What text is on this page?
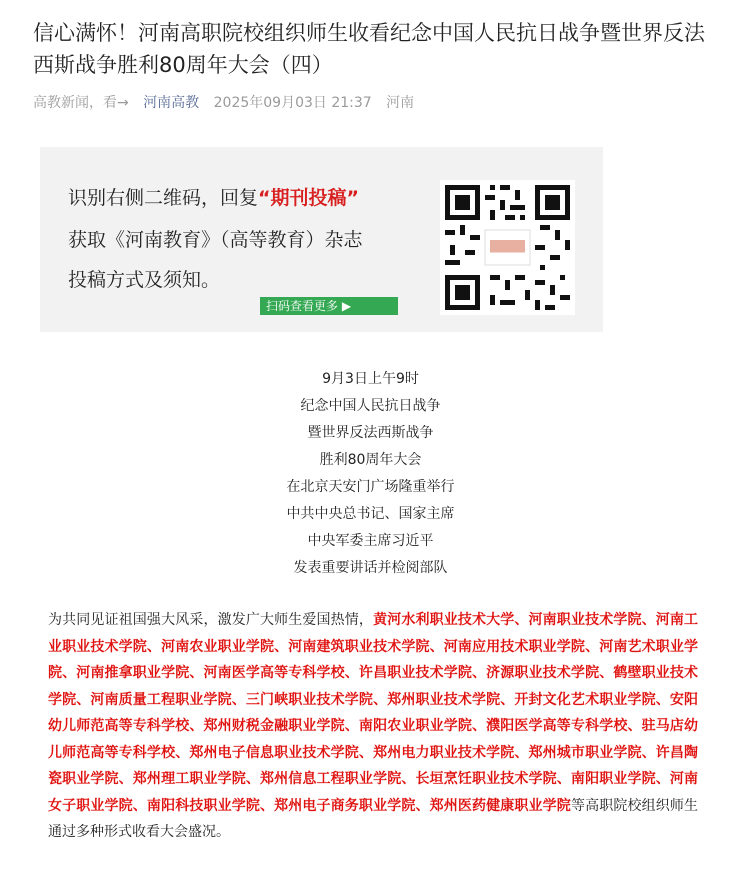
信心满怀！河南高职院校组织师生收看纪念中国人民抗日战争暨世界反法西斯战争胜利80周年大会（四）
高教新闻，看→ 河南高教 2025年09月03日 21:37 河南
识别右侧二维码，回复“期刊投稿”
获取《河南教育》（高等教育）杂志
投稿方式及须知。
扫码查看更多 ▶
9月3日上午9时
纪念中国人民抗日战争
暨世界反法西斯战争
胜利80周年大会
在北京天安门广场隆重举行
中共中央总书记、国家主席
中央军委主席习近平
发表重要讲话并检阅部队
为共同见证祖国强大风采，激发广大师生爱国热情，黄河水利职业技术大学、河南职业技术学院、河南工业职业技术学院、河南农业职业学院、河南建筑职业技术学院、河南应用技术职业学院、河南艺术职业学院、河南推拿职业学院、河南医学高等专科学校、许昌职业技术学院、济源职业技术学院、鹤壁职业技术学院、河南质量工程职业学院、三门峡职业技术学院、郑州职业技术学院、开封文化艺术职业学院、安阳幼儿师范高等专科学校、郑州财税金融职业学院、南阳农业职业学院、濮阳医学高等专科学校、驻马店幼儿师范高等专科学校、郑州电子信息职业技术学院、郑州电力职业技术学院、郑州城市职业学院、许昌陶瓷职业学院、郑州理工职业学院、郑州信息工程职业学院、长垣烹饪职业技术学院、南阳职业学院、河南女子职业学院、南阳科技职业学院、郑州电子商务职业学院、郑州医药健康职业学院等高职院校组织师生通过多种形式收看大会盛况。
